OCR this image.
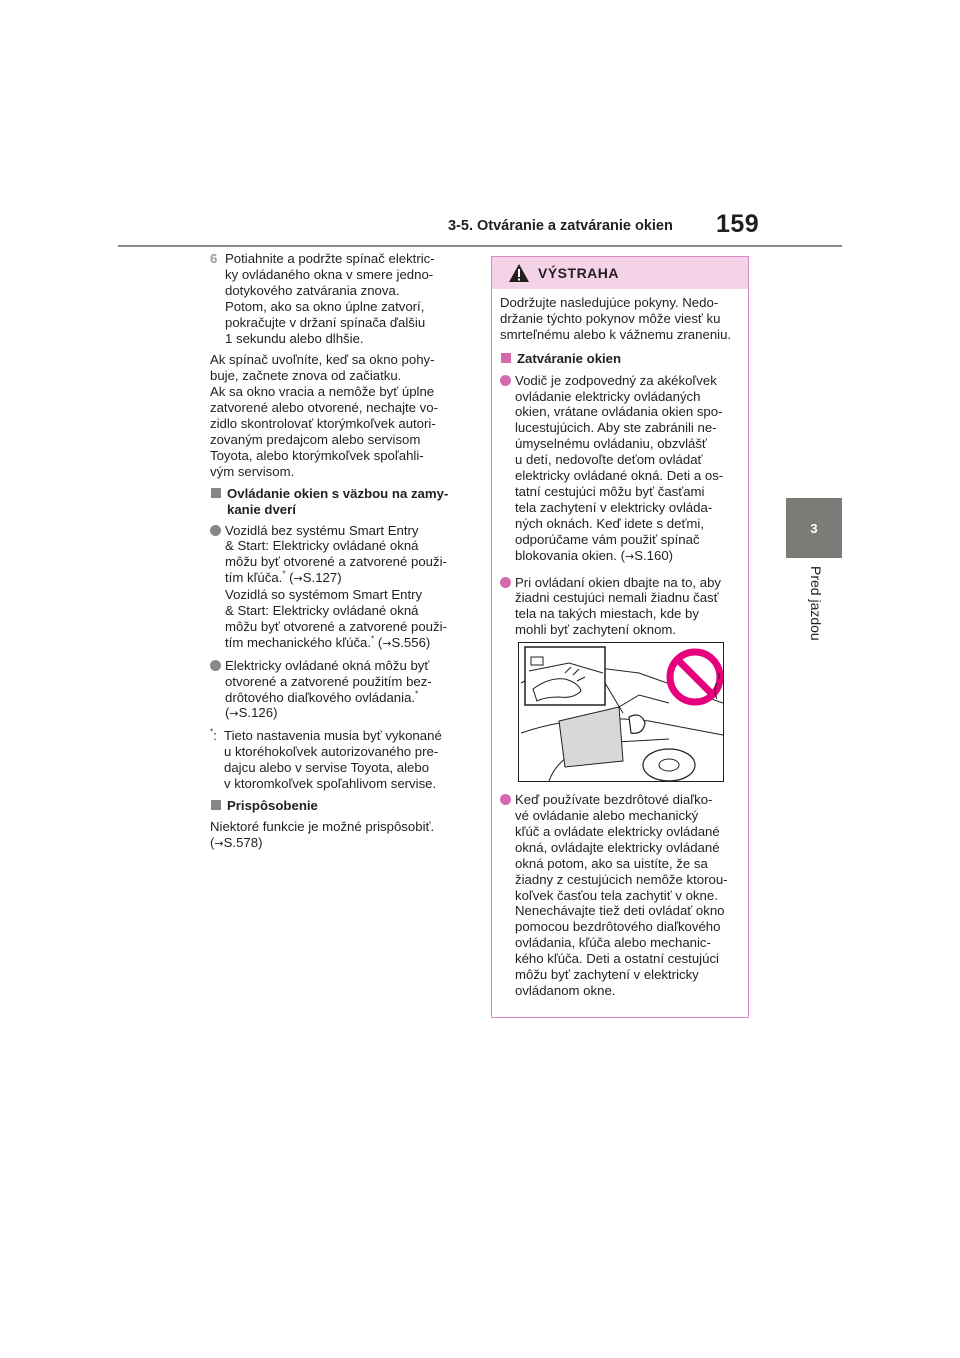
3-5. Otváranie a zatváranie okien	159
3
Pred jazdou
6 Potiahnite a podržte spínač elektric-
ky ovládaného okna v smere jedno-
dotykového zatvárania znova.
Potom, ako sa okno úplne zatvorí,
pokračujte v držaní spínača ďalšiu
1 sekundu alebo dlhšie.
Ak spínač uvoľníte, keď sa okno pohy-
buje, začnete znova od začiatku.
Ak sa okno vracia a nemôže byť úplne
zatvorené alebo otvorené, nechajte vo-
zidlo skontrolovať ktorýmkoľvek autori-
zovaným predajcom alebo servisom
Toyota, alebo ktorýmkoľvek spoľahli-
vým servisom.
Ovládanie okien s väzbou na zamy-
kanie dverí
Vozidlá bez systému Smart Entry
& Start: Elektricky ovládané okná
môžu byť otvorené a zatvorené použi-
tím kľúča.* (→S.127)
Vozidlá so systémom Smart Entry
& Start: Elektricky ovládané okná
môžu byť otvorené a zatvorené použi-
tím mechanického kľúča.* (→S.556)
Elektricky ovládané okná môžu byť
otvorené a zatvorené použitím bez-
drôtového diaľkového ovládania.*
(→S.126)
*: Tieto nastavenia musia byť vykonané
u ktoréhokoľvek autorizovaného pre-
dajcu alebo v servise Toyota, alebo
v ktoromkoľvek spoľahlivom servise.
Prispôsobenie
Niektoré funkcie je možné prispôsobiť.
(→S.578)
VÝSTRAHA

Dodržujte nasledujúce pokyny. Nedo-
držanie týchto pokynov môže viesť ku
smrteľnému alebo k vážnemu zraneniu.

Zatváranie okien
Vodič je zodpovedný za akékoľvek
ovládanie elektricky ovládaných
okien, vrátane ovládania okien spo-
lucestujúcich. Aby ste zabránili ne-
úmyselnému ovládaniu, obzvlášť
u detí, nedovoľte deťom ovládať
elektricky ovládané okná. Deti a os-
tatní cestujúci môžu byť časťami
tela zachytení v elektricky ovláda-
ných oknách. Keď idete s deťmi,
odporúčame vám použiť spínač
blokovania okien. (→S.160)
Pri ovládaní okien dbajte na to, aby
žiadni cestujúci nemali žiadnu časť
tela na takých miestach, kde by
mohli byť zachytení oknom.
Keď používate bezdrôtové diaľko-
vé ovládanie alebo mechanický
kľúč a ovládate elektricky ovládané
okná, ovládajte elektricky ovládané
okná potom, ako sa uistíte, že sa
žiadny z cestujúcich nemôže ktorou-
koľvek časťou tela zachytiť v okne.
Nenechávajte tiež deti ovládať okno
pomocou bezdrôtového diaľkového
ovládania, kľúča alebo mechanic-
kého kľúča. Deti a ostatní cestujúci
môžu byť zachytení v elektricky
ovládanom okne.
